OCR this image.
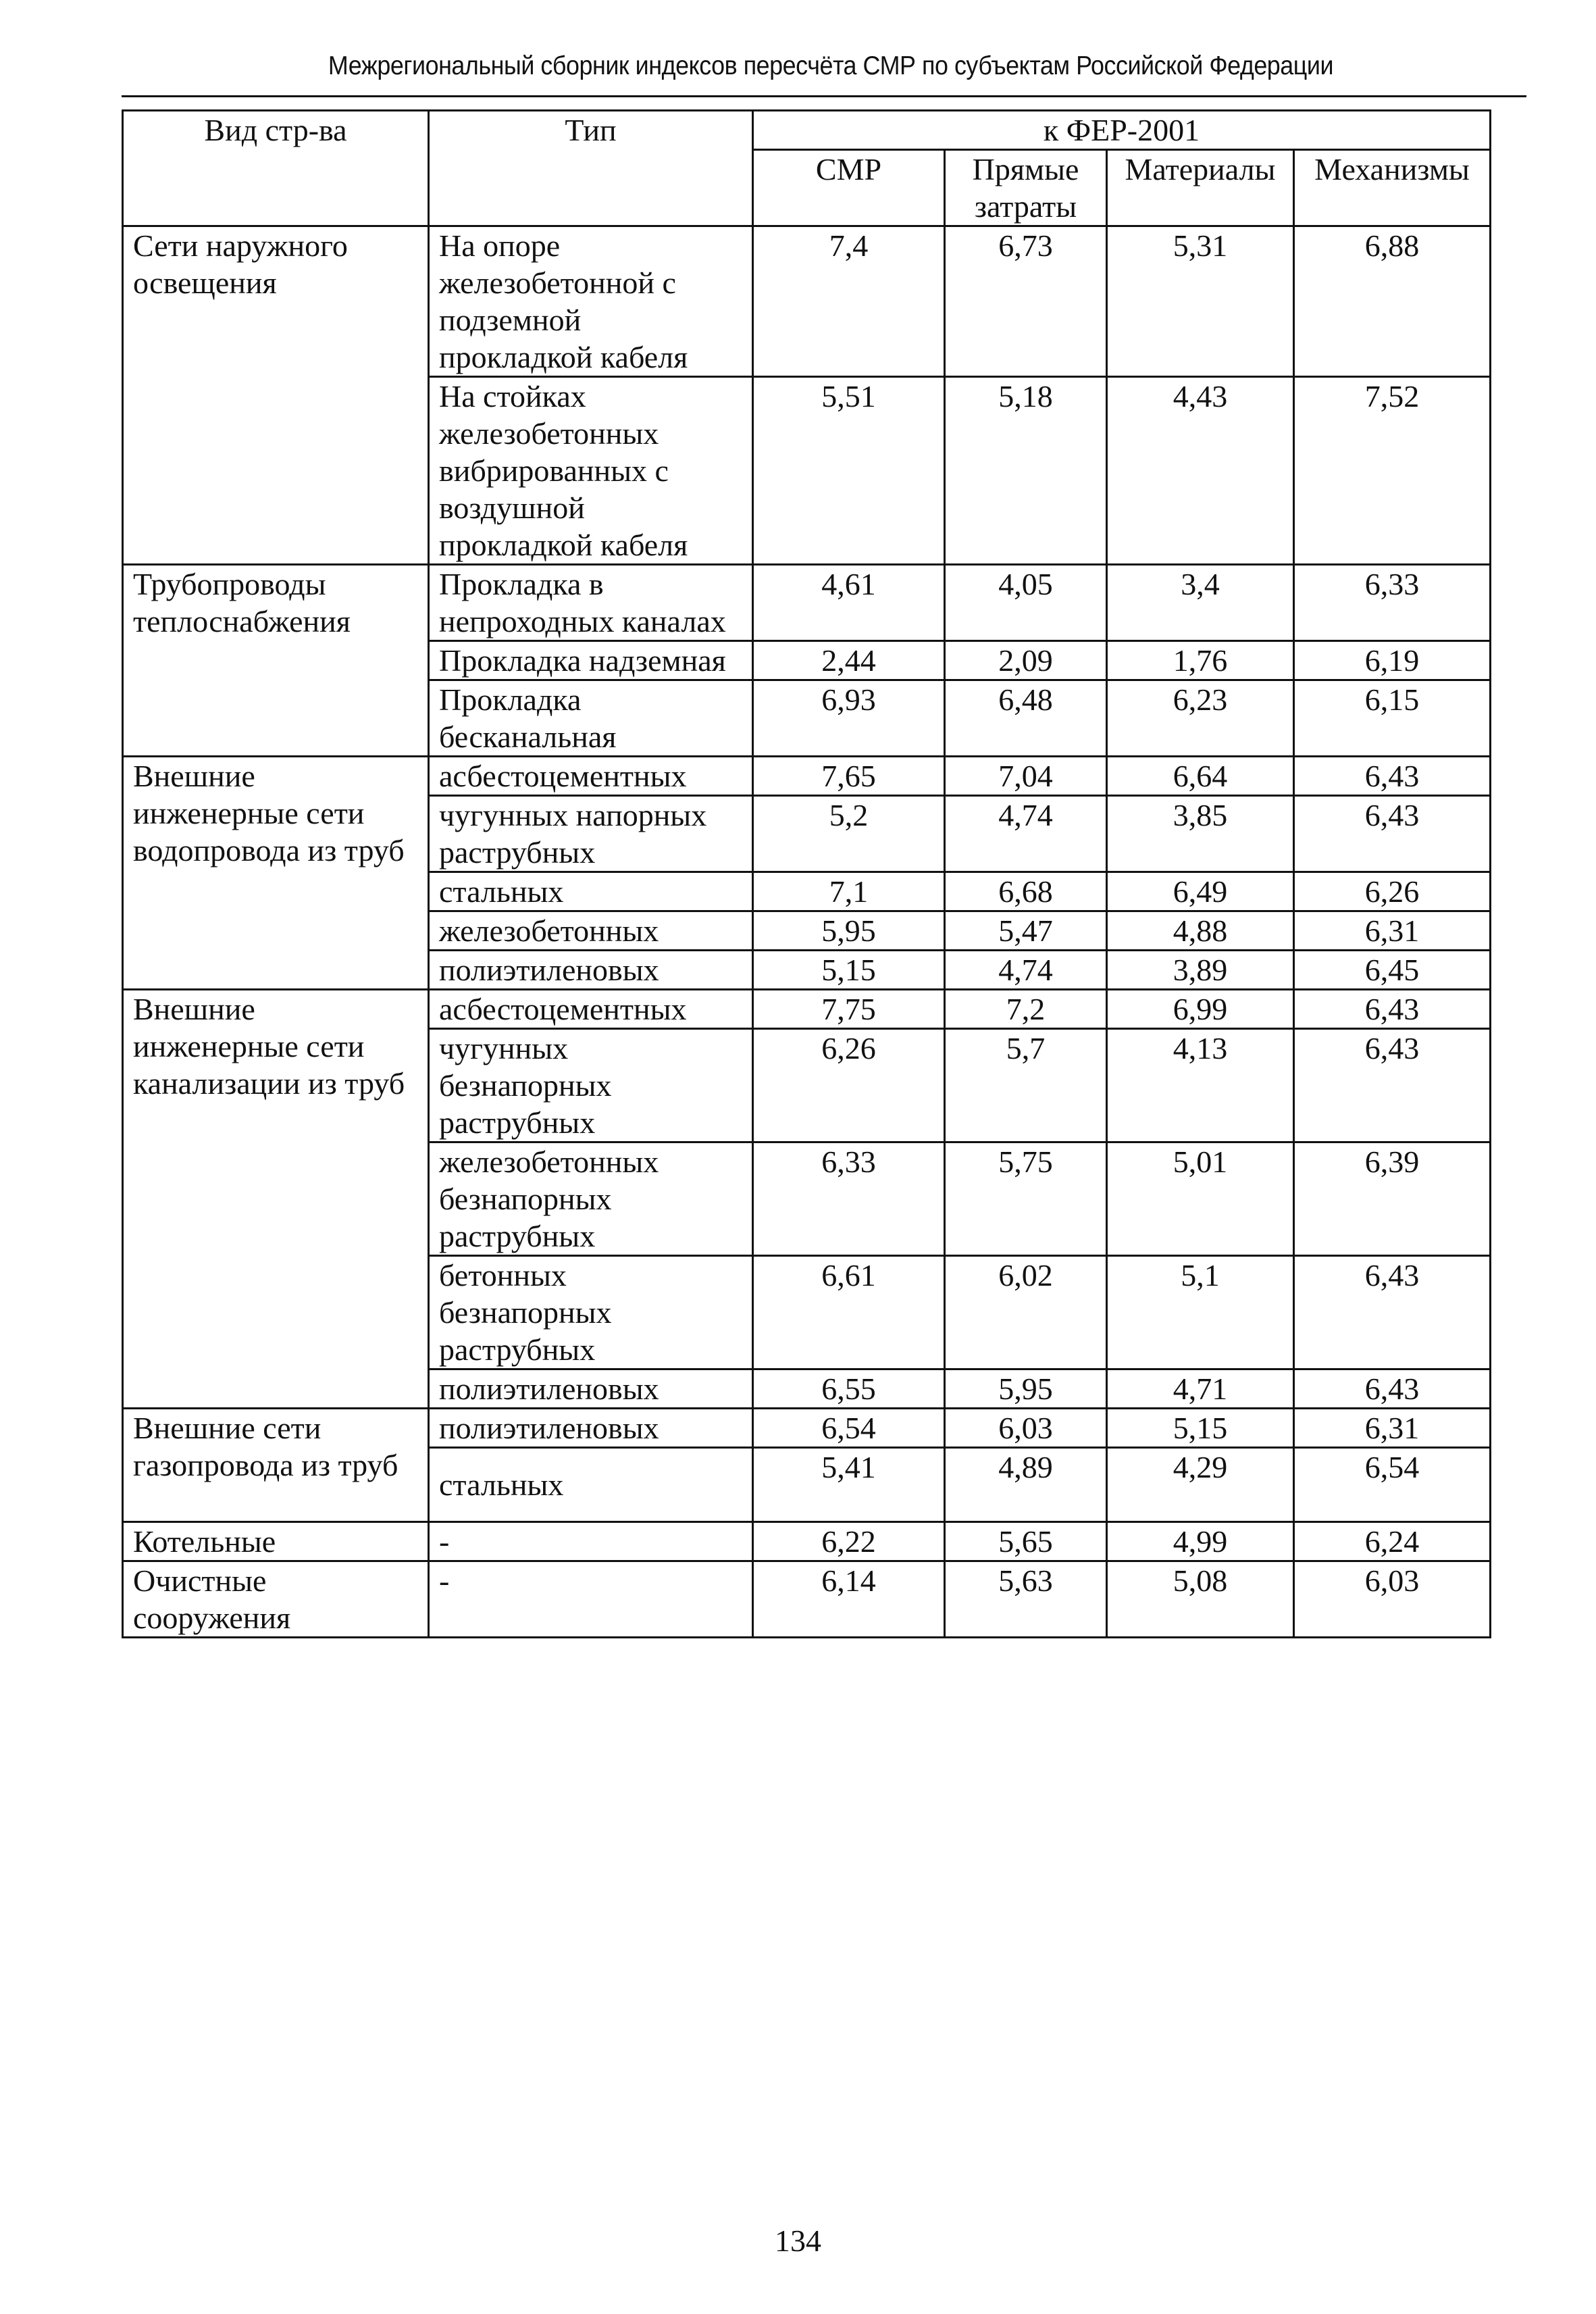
Межрегиональный сборник индексов пересчёта СМР по субъектам Российской Федерации
Вид стр-ва	Тип	к ФЕР-2001			
		СМР	Прямые затраты	Материалы	Механизмы
Сети наружного освещения	На опоре железобетонной с подземной прокладкой кабеля	7,4	6,73	5,31	6,88
	На стойках железобетонных вибрированных с воздушной прокладкой кабеля	5,51	5,18	4,43	7,52
Трубопроводы теплоснабжения	Прокладка в непроходных каналах	4,61	4,05	3,4	6,33
	Прокладка надземная	2,44	2,09	1,76	6,19
	Прокладка бесканальная	6,93	6,48	6,23	6,15
Внешние инженерные сети водопровода из труб	асбестоцементных	7,65	7,04	6,64	6,43
	чугунных напорных раструбных	5,2	4,74	3,85	6,43
	стальных	7,1	6,68	6,49	6,26
	железобетонных	5,95	5,47	4,88	6,31
	полиэтиленовых	5,15	4,74	3,89	6,45
Внешние инженерные сети канализации из труб	асбестоцементных	7,75	7,2	6,99	6,43
	чугунных безнапорных раструбных	6,26	5,7	4,13	6,43
	железобетонных безнапорных раструбных	6,33	5,75	5,01	6,39
	бетонных безнапорных раструбных	6,61	6,02	5,1	6,43
	полиэтиленовых	6,55	5,95	4,71	6,43
Внешние сети газопровода из труб	полиэтиленовых	6,54	6,03	5,15	6,31
	стальных	5,41	4,89	4,29	6,54
Котельные	-	6,22	5,65	4,99	6,24
Очистные сооружения	-	6,14	5,63	5,08	6,03
134
